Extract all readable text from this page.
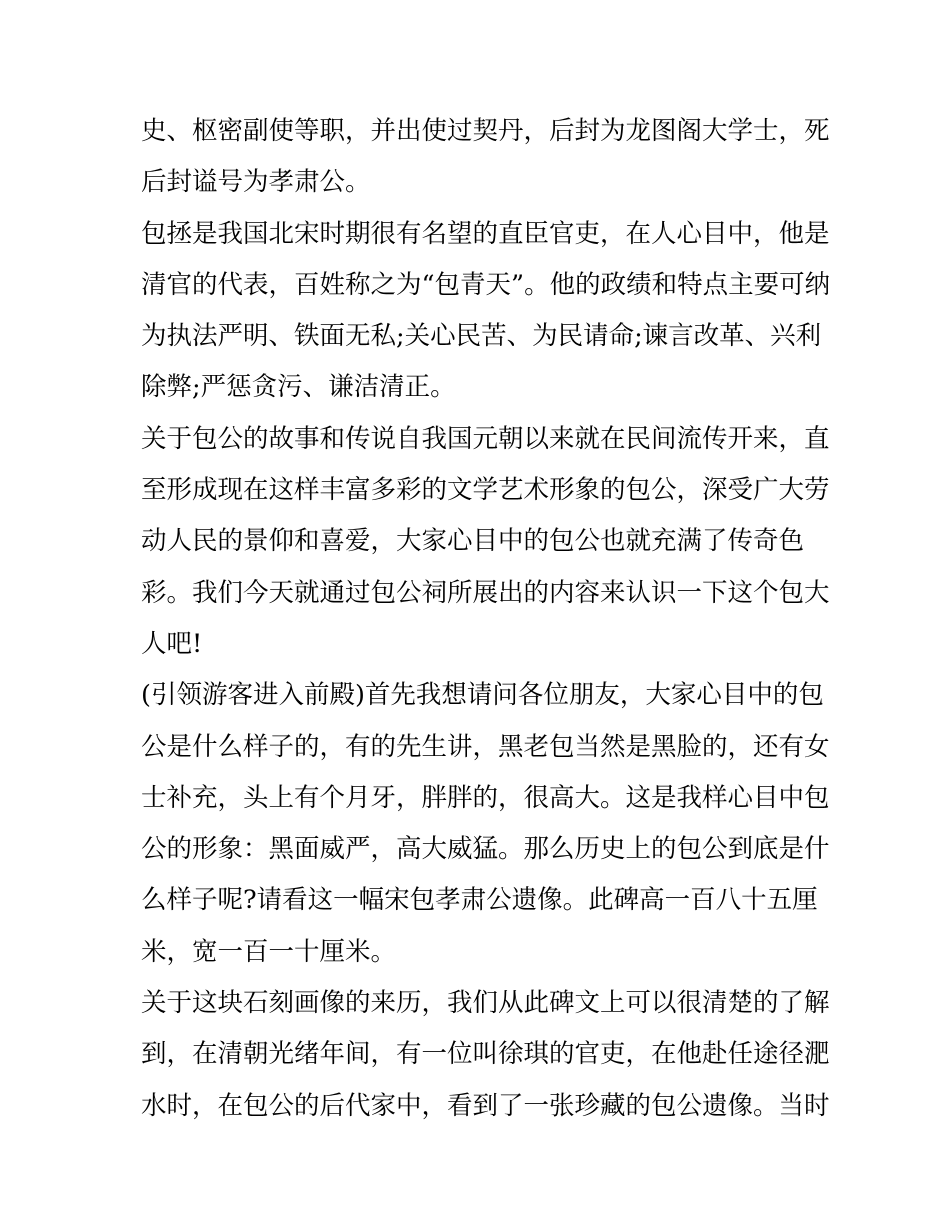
史、枢密副使等职，并出使过契丹，后封为龙图阁大学士，死
后封谥号为孝肃公。
包拯是我国北宋时期很有名望的直臣官吏，在人心目中，他是
清官的代表，百姓称之为“包青天”。他的政绩和特点主要可纳
为执法严明、铁面无私;关心民苦、为民请命;谏言改革、兴利
除弊;严惩贪污、谦洁清正。
关于包公的故事和传说自我国元朝以来就在民间流传开来，直
至形成现在这样丰富多彩的文学艺术形象的包公，深受广大劳
动人民的景仰和喜爱，大家心目中的包公也就充满了传奇色
彩。我们今天就通过包公祠所展出的内容来认识一下这个包大
人吧!
(引领游客进入前殿)首先我想请问各位朋友，大家心目中的包
公是什么样子的，有的先生讲，黑老包当然是黑脸的，还有女
士补充，头上有个月牙，胖胖的，很高大。这是我样心目中包
公的形象：黑面威严，高大威猛。那么历史上的包公到底是什
么样子呢?请看这一幅宋包孝肃公遗像。此碑高一百八十五厘
米，宽一百一十厘米。
关于这块石刻画像的来历，我们从此碑文上可以很清楚的了解
到，在清朝光绪年间，有一位叫徐琪的官吏，在他赴任途径淝
水时，在包公的后代家中，看到了一张珍藏的包公遗像。当时
